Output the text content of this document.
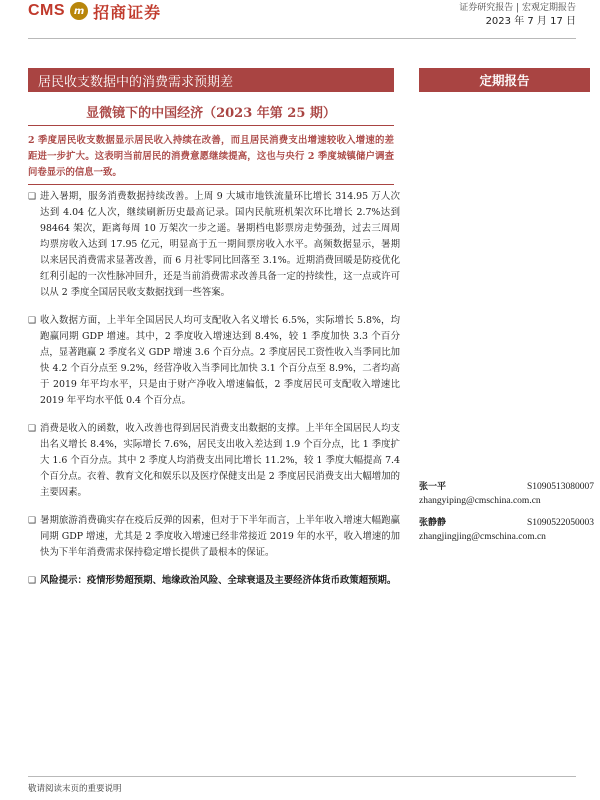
CMS m 招商证券	证券研究报告 | 宏观定期报告
2023 年 7 月 17 日
居民收支数据中的消费需求预期差	定期报告
显微镜下的中国经济（2023 年第 25 期）
2 季度居民收支数据显示居民收入持续在改善，而且居民消费支出增速较收入增速的差距进一步扩大。这表明当前居民的消费意愿继续提高，这也与央行 2 季度城镇储户调查问卷显示的信息一致。
❑ 进入暑期，服务消费数据持续改善。上周 9 大城市地铁流量环比增长 314.95 万人次达到 4.04 亿人次，继续刷新历史最高记录。国内民航班机架次环比增长 2.7%达到 98464 架次，距离每周 10 万架次一步之遥。暑期档电影票房走势强劲，过去三周周均票房收入达到 17.95 亿元，明显高于五一期间票房收入水平。高频数据显示，暑期以来居民消费需求显著改善，而 6 月社零同比回落至 3.1%。近期消费回暖是防疫优化红利引起的一次性脉冲回升，还是当前消费需求改善具备一定的持续性，这一点或许可以从 2 季度全国居民收支数据找到一些答案。
❑ 收入数据方面，上半年全国居民人均可支配收入名义增长 6.5%，实际增长 5.8%，均跑赢同期 GDP 增速。其中，2 季度收入增速达到 8.4%，较 1 季度加快 3.3 个百分点，显著跑赢 2 季度名义 GDP 增速 3.6 个百分点。2 季度居民工资性收入当季同比加快 4.2 个百分点至 9.2%，经营净收入当季同比加快 3.1 个百分点至 8.9%，二者均高于 2019 年平均水平，只是由于财产净收入增速偏低，2 季度居民可支配收入增速比 2019 年平均水平低 0.4 个百分点。
❑ 消费是收入的函数，收入改善也得到居民消费支出数据的支撑。上半年全国居民人均支出名义增长 8.4%，实际增长 7.6%，居民支出收入差达到 1.9 个百分点，比 1 季度扩大 1.6 个百分点。其中 2 季度人均消费支出同比增长 11.2%，较 1 季度大幅提高 7.4 个百分点。衣着、教育文化和娱乐以及医疗保健支出是 2 季度居民消费支出大幅增加的主要因素。
❑ 暑期旅游消费确实存在疫后反弹的因素，但对于下半年而言，上半年收入增速大幅跑赢同期 GDP 增速，尤其是 2 季度收入增速已经非常接近 2019 年的水平，收入增速的加快为下半年消费需求保持稳定增长提供了最根本的保证。
❑ 风险提示：疫情形势超预期、地缘政治风险、全球衰退及主要经济体货币政策超预期。
张一平	S1090513080007
zhangyiping@cmschina.com.cn
张静静	S1090522050003
zhangjingjing@cmschina.com.cn
敬请阅读末页的重要说明
